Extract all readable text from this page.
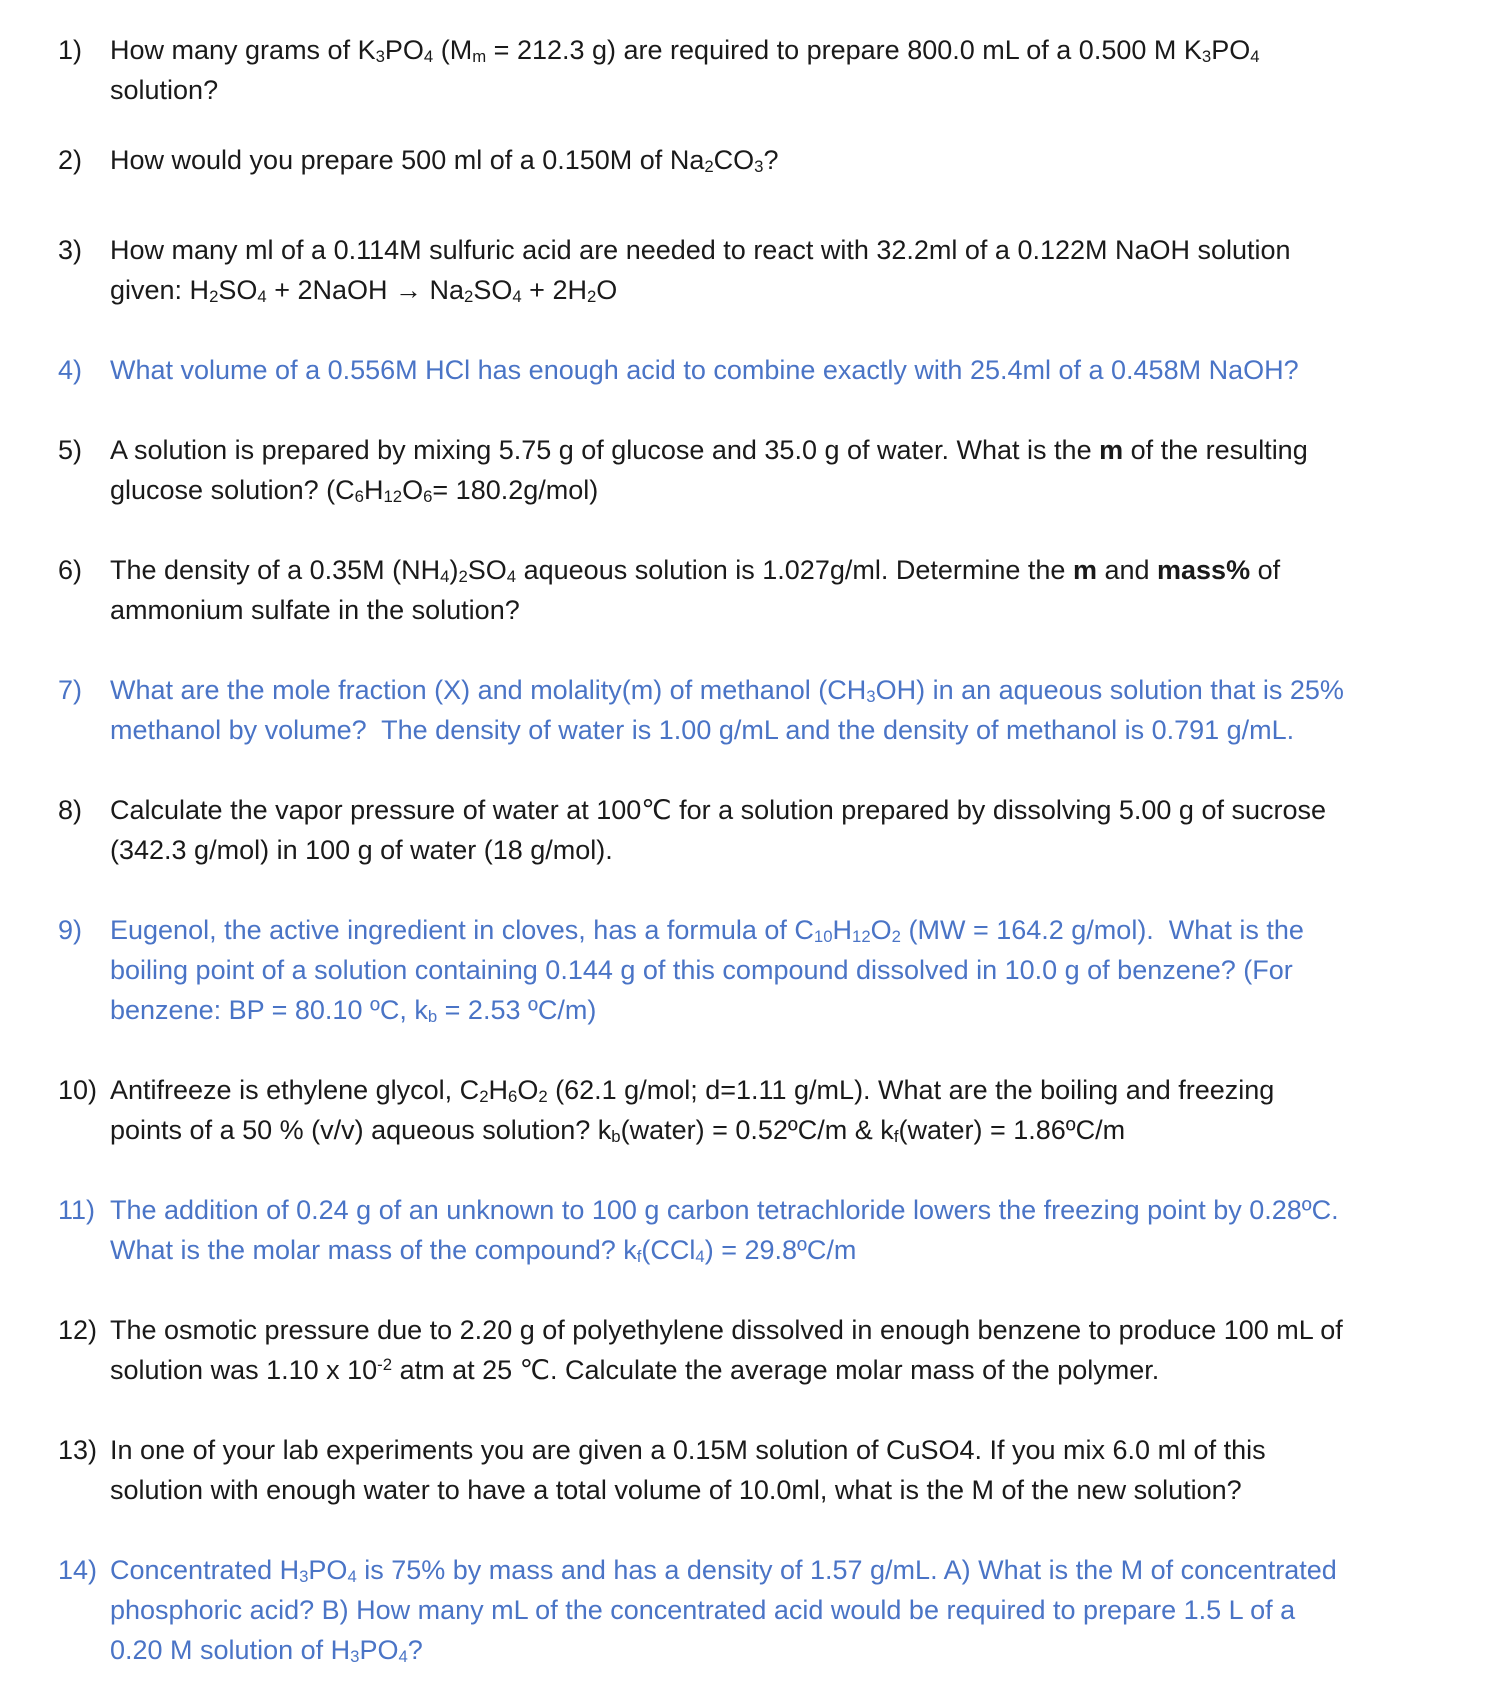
1)	How many grams of $K_3PO_4$ ($M_m = 212.3$ g) are required to prepare 800.0 mL of a 0.500 M $K_3PO_4$
solution?
2)	How would you prepare 500 ml of a 0.150M of $Na_2CO_3$?
3)	How many ml of a 0.114M sulfuric acid are needed to react with 32.2ml of a 0.122M NaOH solution
given: $H_2SO_4$ + 2NaOH → $Na_2SO_4 + 2H_2O$
4)	What volume of a 0.556M HCl has enough acid to combine exactly with 25.4ml of a 0.458M NaOH?
5)	A solution is prepared by mixing 5.75 g of glucose and 35.0 g of water. What is the m of the resulting
glucose solution? $(C_6H_{12}O_6= 180.2g/mol)$
6)	The density of a 0.35M $(NH_4)_2SO_4$ aqueous solution is 1.027g/ml. Determine the m and mass% of
ammonium sulfate in the solution?
7)	What are the mole fraction (X) and molality(m) of methanol $(CH_3OH)$ in an aqueous solution that is 25%
methanol by volume?  The density of water is 1.00 g/mL and the density of methanol is 0.791 g/mL.
8)	Calculate the vapor pressure of water at 100℃ for a solution prepared by dissolving 5.00 g of sucrose
(342.3 g/mol) in 100 g of water (18 g/mol).
9)	Eugenol, the active ingredient in cloves, has a formula of $C_{10}H_{12}O_2$ (MW = 164.2 g/mol).  What is the
boiling point of a solution containing 0.144 g of this compound dissolved in 10.0 g of benzene? (For
benzene: BP = 80.10 ºC, $k_b = 2.53$ ºC/m)
10) Antifreeze is ethylene glycol, $C_2H_6O_2$ (62.1 g/mol; d=1.11 g/mL). What are the boiling and freezing
points of a 50 % (v/v) aqueous solution? $k_b(water)$ = 0.52ºC/m & $k_f(water)$ = 1.86ºC/m
11) The addition of 0.24 g of an unknown to 100 g carbon tetrachloride lowers the freezing point by 0.28ºC.
What is the molar mass of the compound? $k_f(CCl_4)$ = 29.8ºC/m
12) The osmotic pressure due to 2.20 g of polyethylene dissolved in enough benzene to produce 100 mL of
solution was 1.10 x $10^{-2}$ atm at 25 ℃. Calculate the average molar mass of the polymer.
13) In one of your lab experiments you are given a 0.15M solution of CuSO4. If you mix 6.0 ml of this
solution with enough water to have a total volume of 10.0ml, what is the M of the new solution?
14) Concentrated $H_3PO_4$ is 75% by mass and has a density of 1.57 g/mL. A) What is the M of concentrated
phosphoric acid? B) How many mL of the concentrated acid would be required to prepare 1.5 L of a
0.20 M solution of $H_3PO_4$?
